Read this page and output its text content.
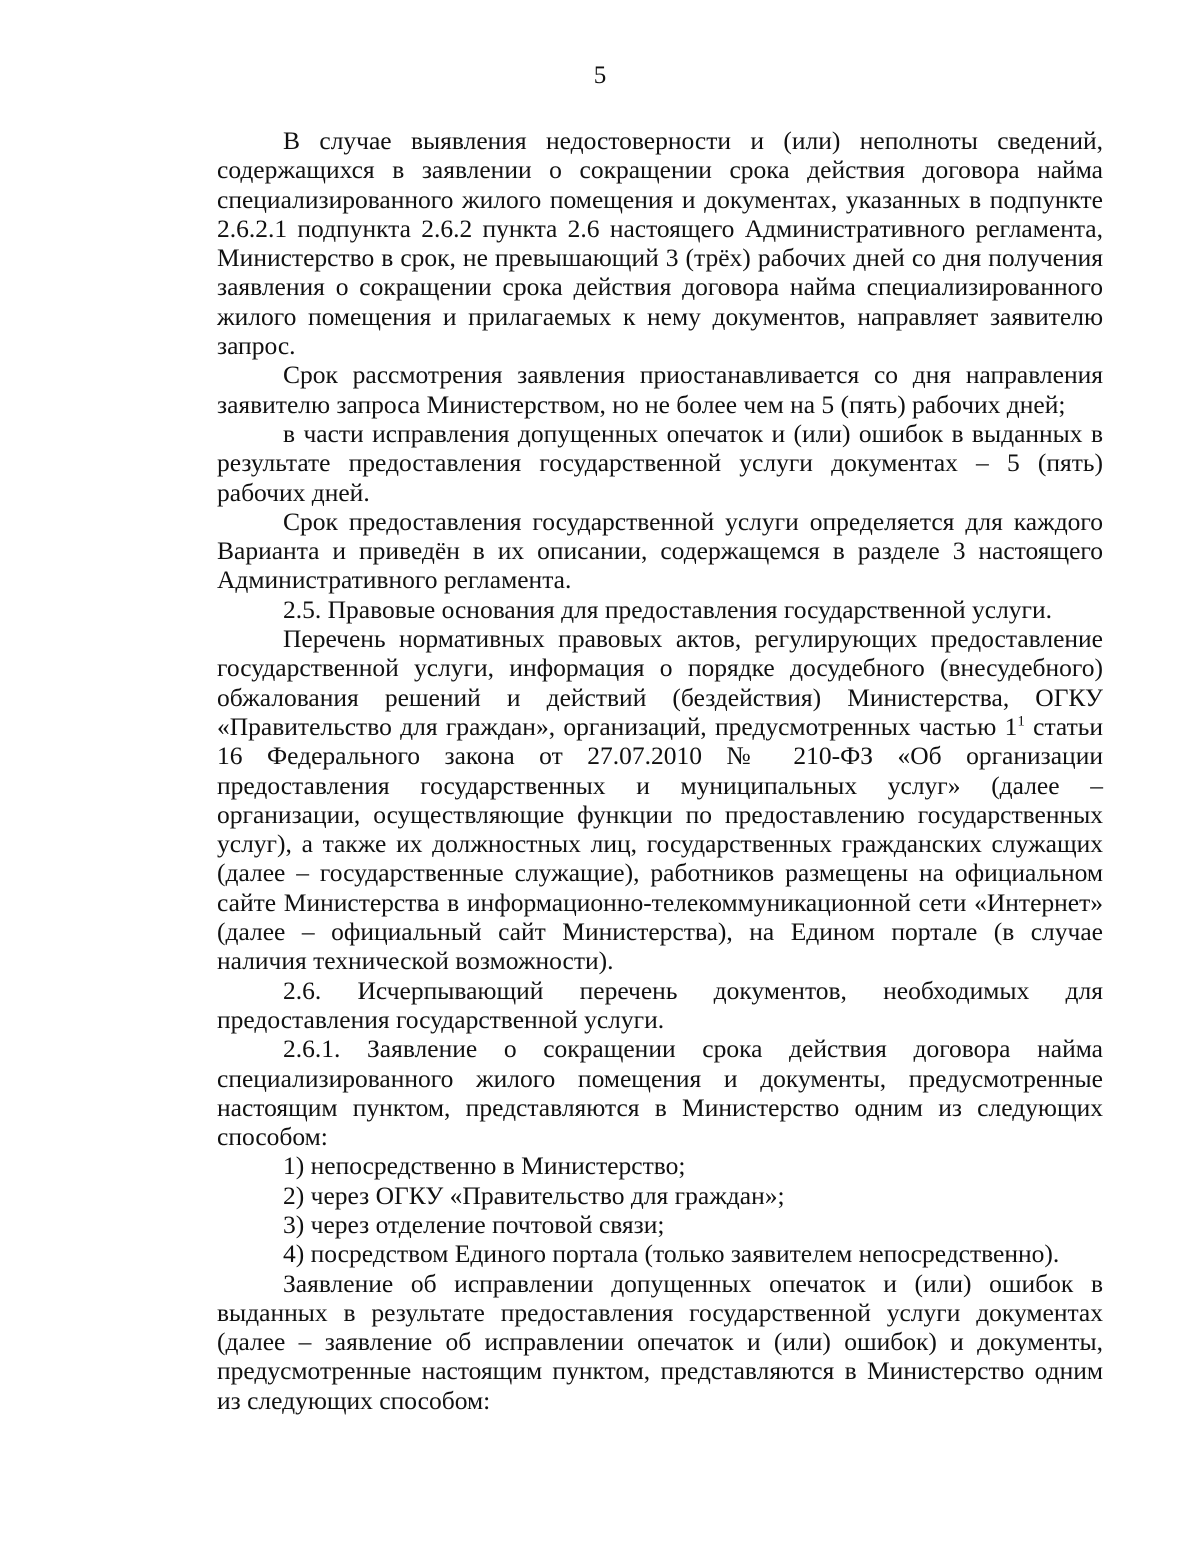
5

В случае выявления недостоверности и (или) неполноты сведений, содержащихся в заявлении о сокращении срока действия договора найма специализированного жилого помещения и документах, указанных в подпункте 2.6.2.1 подпункта 2.6.2 пункта 2.6 настоящего Административного регламента, Министерство в срок, не превышающий 3 (трёх) рабочих дней со дня получения заявления о сокращении срока действия договора найма специализированного жилого помещения и прилагаемых к нему документов, направляет заявителю запрос.

Срок рассмотрения заявления приостанавливается со дня направления заявителю запроса Министерством, но не более чем на 5 (пять) рабочих дней;

в части исправления допущенных опечаток и (или) ошибок в выданных в результате предоставления государственной услуги документах – 5 (пять) рабочих дней.

Срок предоставления государственной услуги определяется для каждого Варианта и приведён в их описании, содержащемся в разделе 3 настоящего Административного регламента.

2.5. Правовые основания для предоставления государственной услуги.

Перечень нормативных правовых актов, регулирующих предоставление государственной услуги, информация о порядке досудебного (внесудебного) обжалования решений и действий (бездействия) Министерства, ОГКУ «Правительство для граждан», организаций, предусмотренных частью $1^1$ статьи 16 Федерального закона от 27.07.2010 № 210-ФЗ «Об организации предоставления государственных и муниципальных услуг» (далее – организации, осуществляющие функции по предоставлению государственных услуг), а также их должностных лиц, государственных гражданских служащих (далее – государственные служащие), работников размещены на официальном сайте Министерства в информационно-телекоммуникационной сети «Интернет» (далее – официальный сайт Министерства), на Едином портале (в случае наличия технической возможности).

2.6. Исчерпывающий перечень документов, необходимых для предоставления государственной услуги.

2.6.1. Заявление о сокращении срока действия договора найма специализированного жилого помещения и документы, предусмотренные настоящим пунктом, представляются в Министерство одним из следующих способом:

1) непосредственно в Министерство;

2) через ОГКУ «Правительство для граждан»;

3) через отделение почтовой связи;

4) посредством Единого портала (только заявителем непосредственно).

Заявление об исправлении допущенных опечаток и (или) ошибок в выданных в результате предоставления государственной услуги документах (далее – заявление об исправлении опечаток и (или) ошибок) и документы, предусмотренные настоящим пунктом, представляются в Министерство одним из следующих способом:
